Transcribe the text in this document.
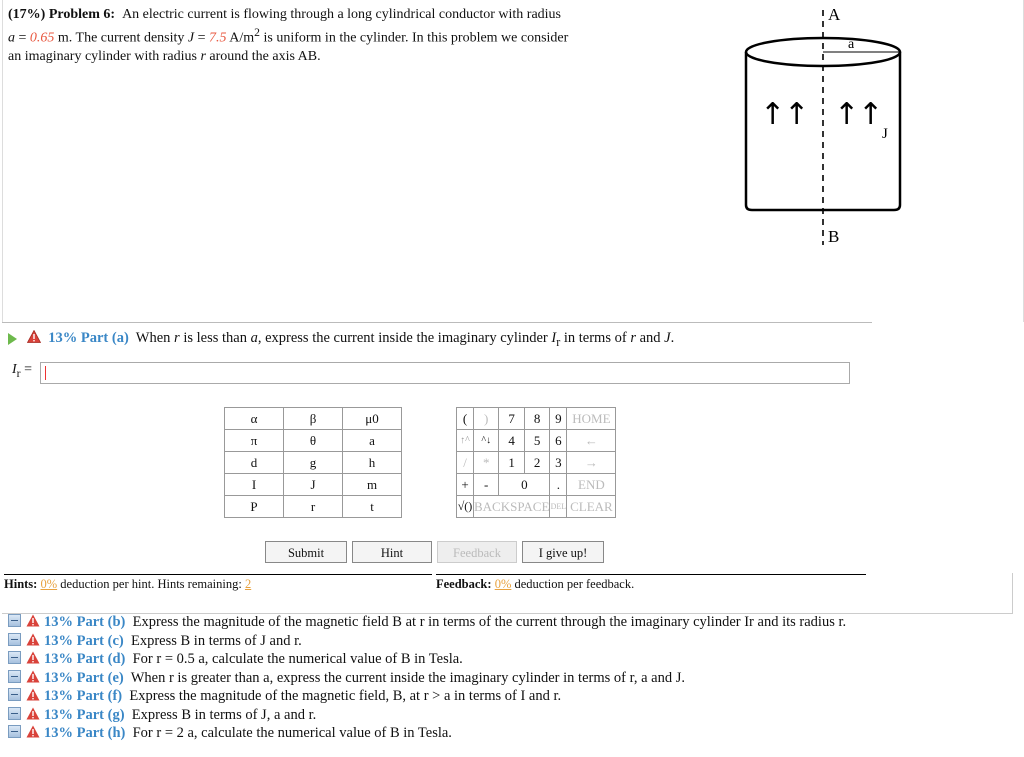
(17%) Problem 6: An electric current is flowing through a long cylindrical conductor with radius
a = 0.65 m. The current density J = 7.5 $A/m^2$ is uniform in the cylinder. In this problem we consider
an imaginary cylinder with radius r around the axis AB.
↑
↑ ↑
↑
A
B
a
J
13% Part (a) When r is less than a, express the current inside the imaginary cylinder $I_r$ in terms of r and J.
$I_r$ =
α	β	μ0
π	θ	a
d	g	h
I	J	m
P	r	t
(	)	7	8	9	HOME
↑^	^↓	4	5	6	←
/	*	1	2	3	→
+	-	0		.	END
√()	BACKSPACE			DEL	CLEAR
Submit	Hint	Feedback	I give up!
Hints: 0% deduction per hint. Hints remaining: 2	Feedback: 0% deduction per feedback.
13% Part (b) Express the magnitude of the magnetic field B at r in terms of the current through the imaginary cylinder Ir and its radius r.
13% Part (c) Express B in terms of J and r.
13% Part (d) For r = 0.5 a, calculate the numerical value of B in Tesla.
13% Part (e) When r is greater than a, express the current inside the imaginary cylinder in terms of r, a and J.
13% Part (f) Express the magnitude of the magnetic field, B, at r > a in terms of I and r.
13% Part (g) Express B in terms of J, a and r.
13% Part (h) For r = 2 a, calculate the numerical value of B in Tesla.
